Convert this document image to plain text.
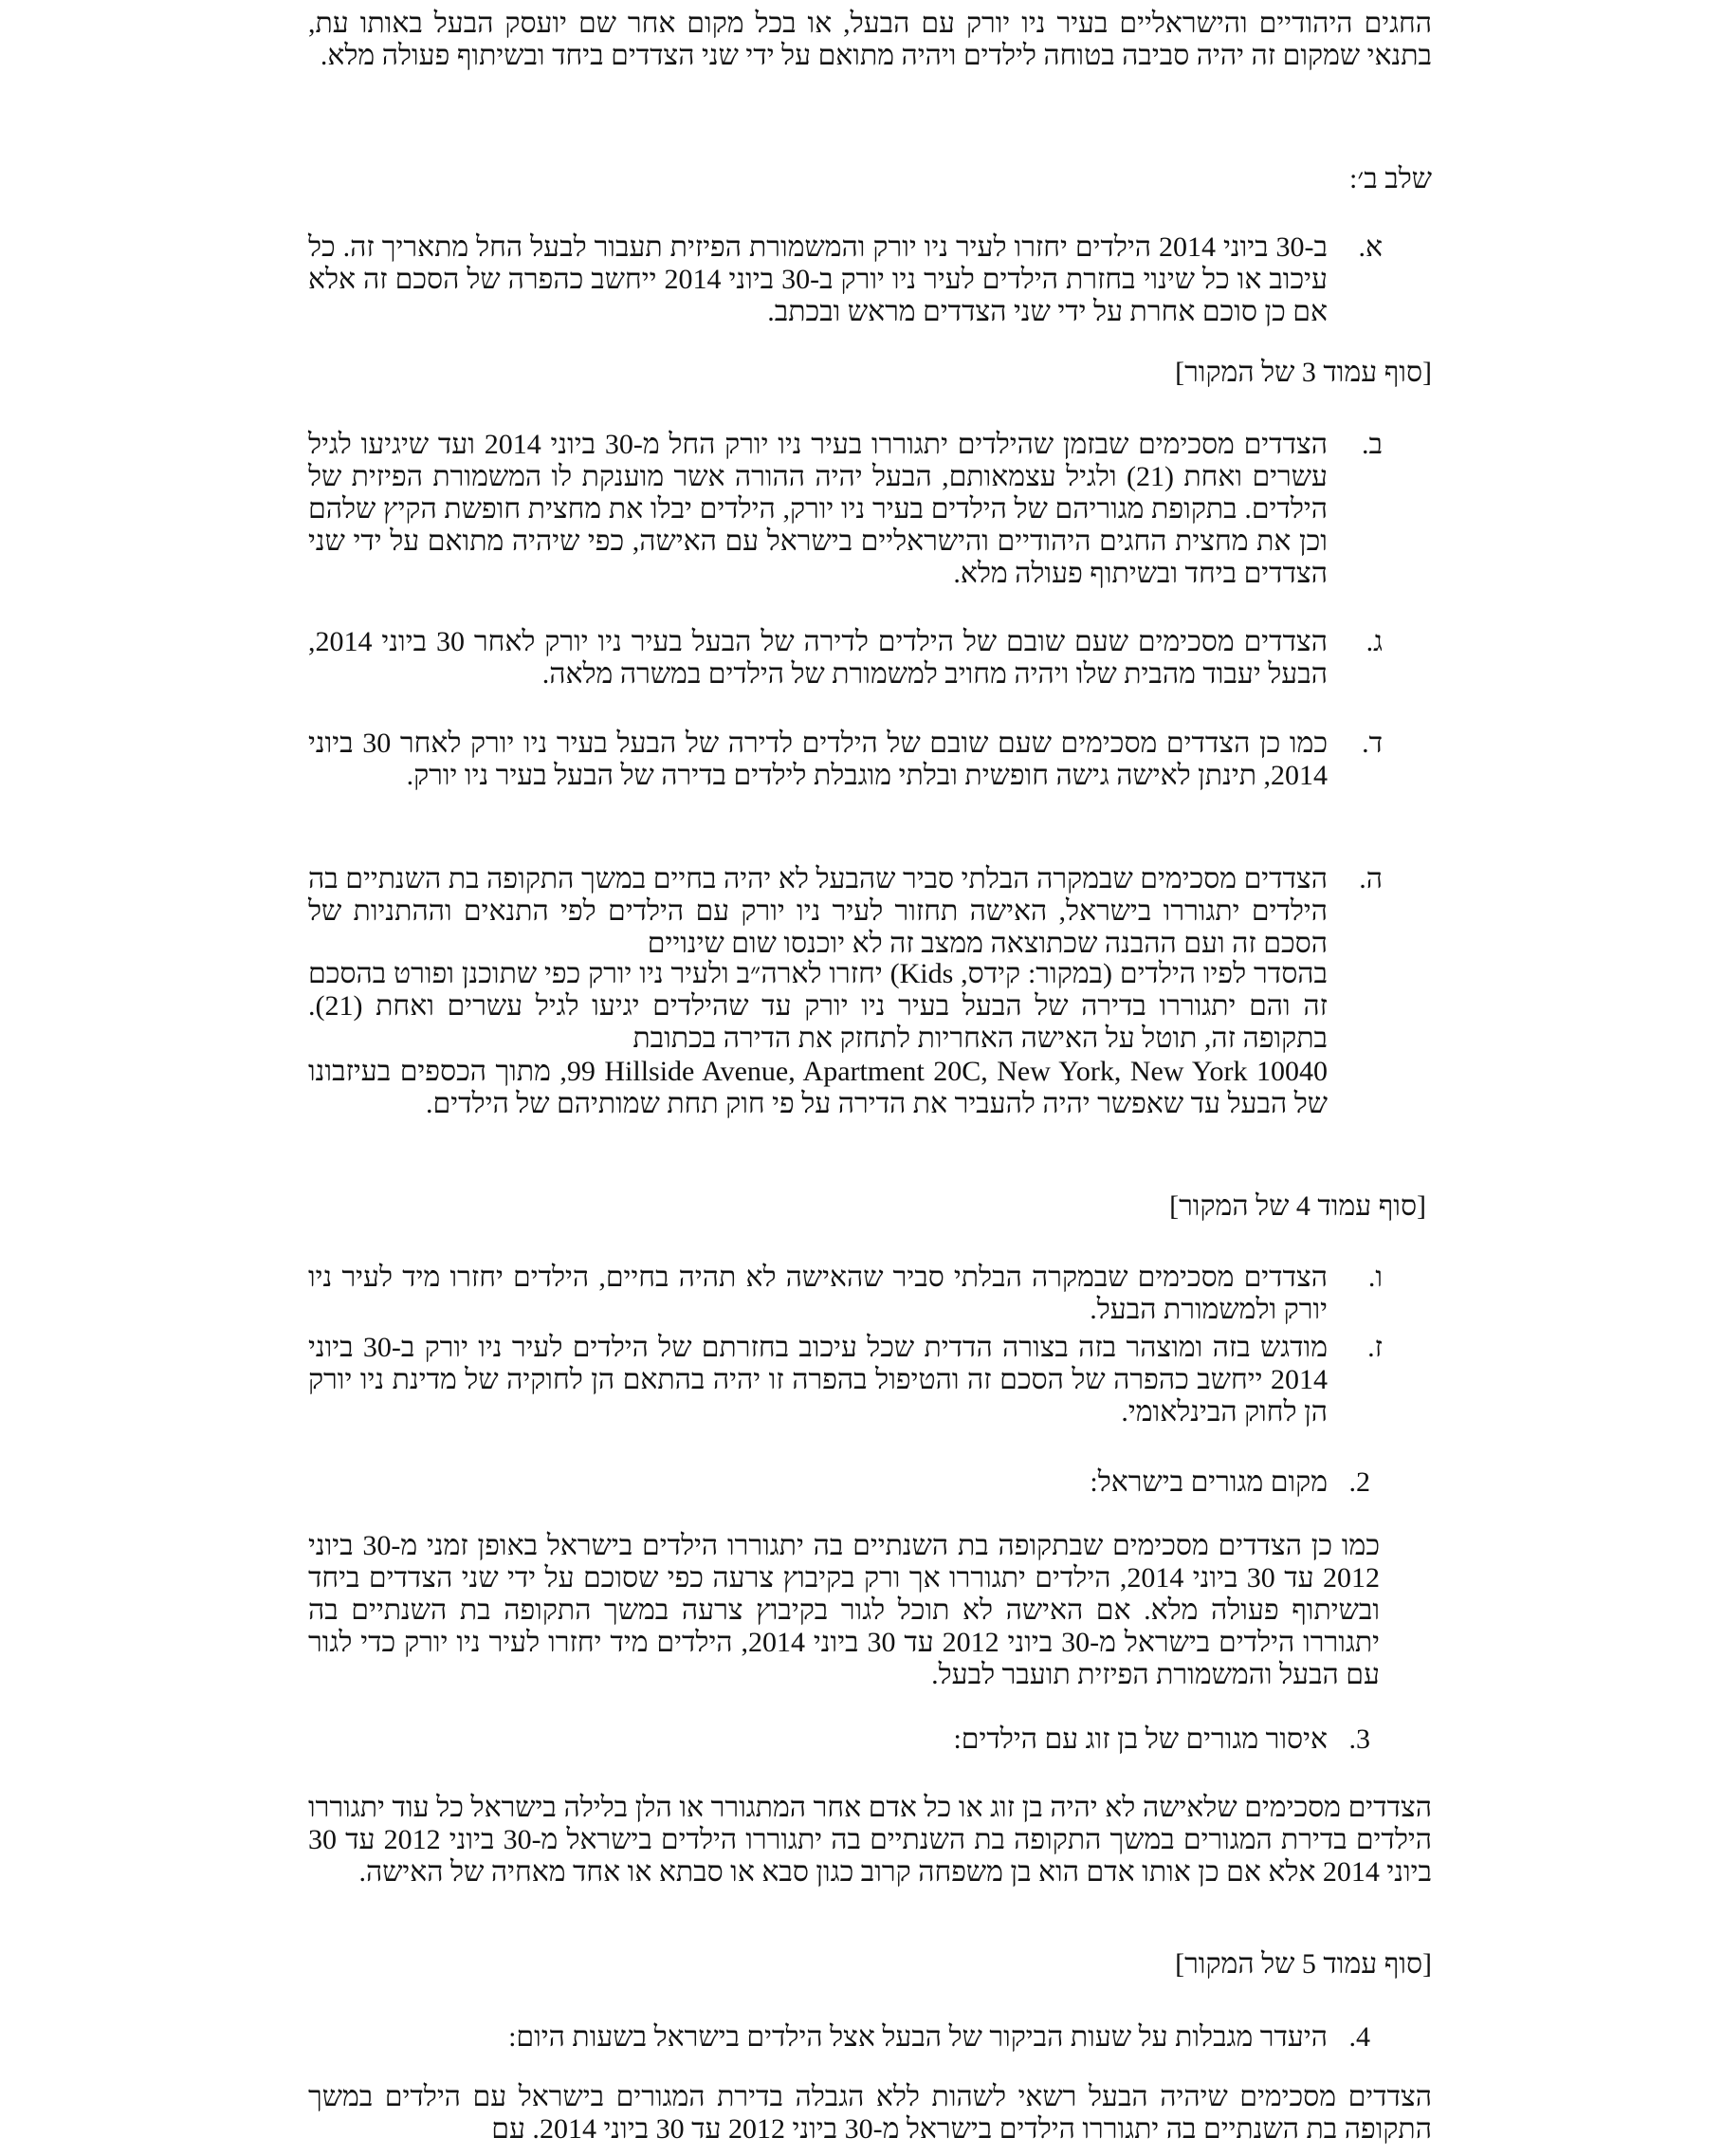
החגים היהודיים והישראליים בעיר ניו יורק עם הבעל, או בכל מקום אחר שם יועסק הבעל באותו עת, בתנאי שמקום זה יהיה סביבה בטוחה לילדים ויהיה מתואם על ידי שני הצדדים ביחד ובשיתוף פעולה מלא.
שלב ב׳:
א.
ב-30 ביוני 2014 הילדים יחזרו לעיר ניו יורק והמשמורת הפיזית תעבור לבעל החל מתאריך זה. כל עיכוב או כל שינוי בחזרת הילדים לעיר ניו יורק ב-30 ביוני 2014 ייחשב כהפרה של הסכם זה אלא אם כן סוכם אחרת על ידי שני הצדדים מראש ובכתב.
[סוף עמוד 3 של המקור]
ב.
הצדדים מסכימים שבזמן שהילדים יתגוררו בעיר ניו יורק החל מ-30 ביוני 2014 ועד שיגיעו לגיל עשרים ואחת (21) ולגיל עצמאותם, הבעל יהיה ההורה אשר מוענקת לו המשמורת הפיזית של הילדים. בתקופת מגוריהם של הילדים בעיר ניו יורק, הילדים יבלו את מחצית חופשת הקיץ שלהם וכן את מחצית החגים היהודיים והישראליים בישראל עם האישה, כפי שיהיה מתואם על ידי שני הצדדים ביחד ובשיתוף פעולה מלא.
ג.
הצדדים מסכימים שעם שובם של הילדים לדירה של הבעל בעיר ניו יורק לאחר 30 ביוני 2014, הבעל יעבוד מהבית שלו ויהיה מחויב למשמורת של הילדים במשרה מלאה.
ד.
כמו כן הצדדים מסכימים שעם שובם של הילדים לדירה של הבעל בעיר ניו יורק לאחר 30 ביוני 2014, תינתן לאישה גישה חופשית ובלתי מוגבלת לילדים בדירה של הבעל בעיר ניו יורק.
ה.
הצדדים מסכימים שבמקרה הבלתי סביר שהבעל לא יהיה בחיים במשך התקופה בת השנתיים בה הילדים יתגוררו בישראל, האישה תחזור לעיר ניו יורק עם הילדים לפי התנאים וההתניות של הסכם זה ועם ההבנה שכתוצאה ממצב זה לא יוכנסו שום שינויים
בהסדר לפיו הילדים (במקור: קידס, Kids) יחזרו לארה״ב ולעיר ניו יורק כפי שתוכנן ופורט בהסכם זה והם יתגוררו בדירה של הבעל בעיר ניו יורק עד שהילדים יגיעו לגיל עשרים ואחת (21). בתקופה זה, תוטל על האישה האחריות לתחזק את הדירה בכתובת
99 Hillside Avenue, Apartment 20C, New York, New York 10040, מתוך הכספים בעיזבונו של הבעל עד שאפשר יהיה להעביר את הדירה על פי חוק תחת שמותיהם של הילדים.
[סוף עמוד 4 של המקור]
ו.
הצדדים מסכימים שבמקרה הבלתי סביר שהאישה לא תהיה בחיים, הילדים יחזרו מיד לעיר ניו יורק ולמשמורת הבעל.
ז.
מודגש בזה ומוצהר בזה בצורה הדדית שכל עיכוב בחזרתם של הילדים לעיר ניו יורק ב-30 ביוני 2014 ייחשב כהפרה של הסכם זה והטיפול בהפרה זו יהיה בהתאם הן לחוקיה של מדינת ניו יורק הן לחוק הבינלאומי.
2.
מקום מגורים בישראל:
כמו כן הצדדים מסכימים שבתקופה בת השנתיים בה יתגוררו הילדים בישראל באופן זמני מ-30 ביוני 2012 עד 30 ביוני 2014, הילדים יתגוררו אך ורק בקיבוץ צרעה כפי שסוכם על ידי שני הצדדים ביחד ובשיתוף פעולה מלא. אם האישה לא תוכל לגור בקיבוץ צרעה במשך התקופה בת השנתיים בה יתגוררו הילדים בישראל מ-30 ביוני 2012 עד 30 ביוני 2014, הילדים מיד יחזרו לעיר ניו יורק כדי לגור עם הבעל והמשמורת הפיזית תועבר לבעל.
3.
איסור מגורים של בן זוג עם הילדים:
הצדדים מסכימים שלאישה לא יהיה בן זוג או כל אדם אחר המתגורר או הלן בלילה בישראל כל עוד יתגוררו הילדים בדירת המגורים במשך התקופה בת השנתיים בה יתגוררו הילדים בישראל מ-30 ביוני 2012 עד 30 ביוני 2014 אלא אם כן אותו אדם הוא בן משפחה קרוב כגון סבא או סבתא או אחד מאחיה של האישה.
[סוף עמוד 5 של המקור]
4.
היעדר מגבלות על שעות הביקור של הבעל אצל הילדים בישראל בשעות היום:
הצדדים מסכימים שיהיה הבעל רשאי לשהות ללא הגבלה בדירת המגורים בישראל עם הילדים במשך התקופה בת השנתיים בה יתגוררו הילדים בישראל מ-30 ביוני 2012 עד 30 ביוני 2014. עם
